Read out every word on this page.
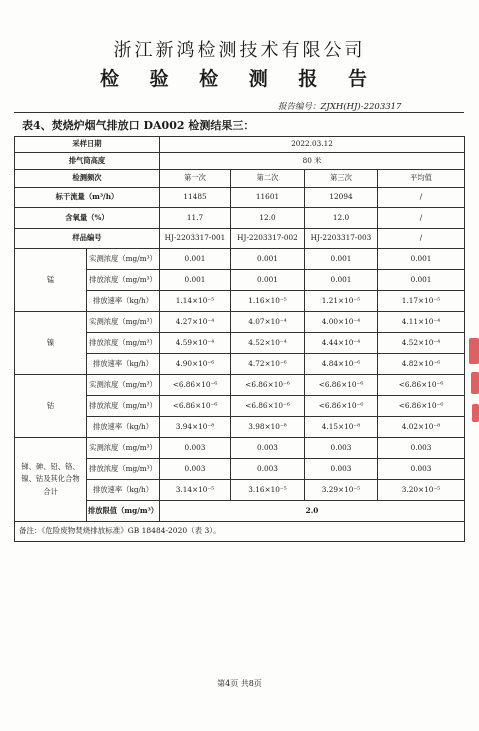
浙江新鸿检测技术有限公司
检 验 检 测 报 告
报告编号：ZJXH(HJ)-2203317
表4、焚烧炉烟气排放口 DA002 检测结果三：
采样日期		2022.03.12			
排气筒高度		80 米			
检测频次		第一次	第二次	第三次	平均值
标干流量（m³/h）		11485	11601	12094	/
含氧量（%）		11.7	12.0	12.0	/
样品编号		HJ-2203317-001	HJ-2203317-002	HJ-2203317-003	/
锰	实测浓度（mg/m³）	0.001	0.001	0.001	0.001
	排放浓度（mg/m³）	0.001	0.001	0.001	0.001
	排放速率（kg/h）	1.14×10⁻⁵	1.16×10⁻⁵	1.21×10⁻⁵	1.17×10⁻⁵
镍	实测浓度（mg/m³）	4.27×10⁻⁴	4.07×10⁻⁴	4.00×10⁻⁴	4.11×10⁻⁴
	排放浓度（mg/m³）	4.59×10⁻⁴	4.52×10⁻⁴	4.44×10⁻⁴	4.52×10⁻⁴
	排放速率（kg/h）	4.90×10⁻⁶	4.72×10⁻⁶	4.84×10⁻⁶	4.82×10⁻⁶
钴	实测浓度（mg/m³）	<6.86×10⁻⁶	<6.86×10⁻⁶	<6.86×10⁻⁶	<6.86×10⁻⁶
	排放浓度（mg/m³）	<6.86×10⁻⁶	<6.86×10⁻⁶	<6.86×10⁻⁶	<6.86×10⁻⁶
	排放速率（kg/h）	3.94×10⁻⁸	3.98×10⁻⁸	4.15×10⁻⁸	4.02×10⁻⁸

锑、砷、铅、铬、
镍、钴及其化合物
合计	实测浓度（mg/m³）	0.003	0.003	0.003	0.003
	排放浓度（mg/m³）	0.003	0.003	0.003	0.003
	排放速率（kg/h）	3.14×10⁻⁵	3.16×10⁻⁵	3.29×10⁻⁵	3.20×10⁻⁵
	排放限值（mg/m³）	2.0			
备注：《危险废物焚烧排放标准》GB 18484-2020（表 3）。					
第4页 共8页
